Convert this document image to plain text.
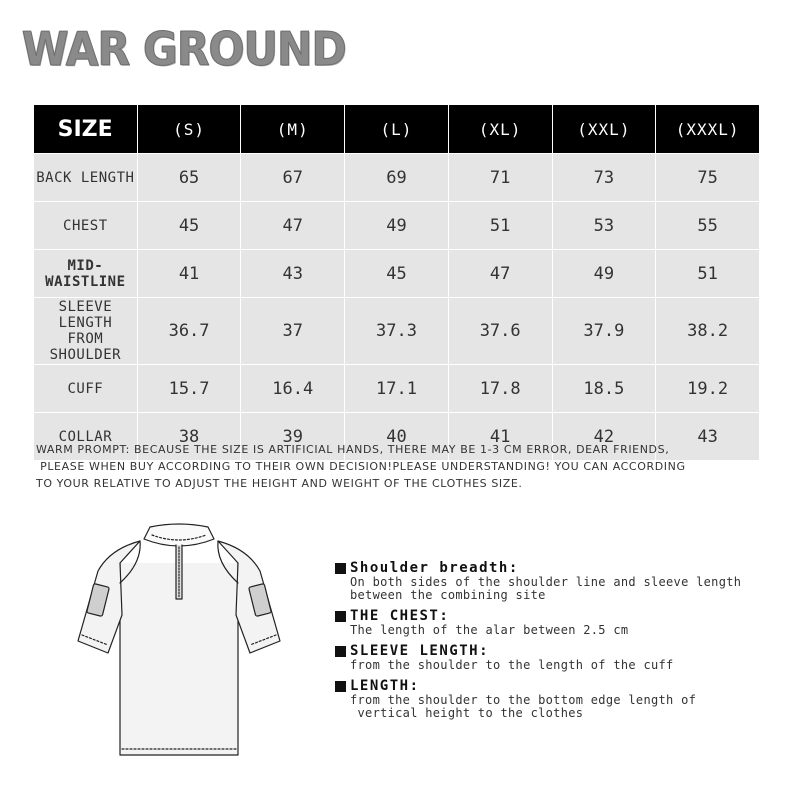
WAR GROUND
SIZE	(S)	(M)	(L)	(XL)	(XXL)	(XXXL)

BACK LENGTH	65	67	69	71	73	75

CHEST	45	47	49	51	53	55

MID-WAISTLINE	41	43	45	47	49	51

SLEEVE LENGTH
FROM SHOULDER	36.7	37	37.3	37.6	37.9	38.2

CUFF	15.7	16.4	17.1	17.8	18.5	19.2

COLLAR	38	39	40	41	42	43
WARM PROMPT: BECAUSE THE SIZE IS ARTIFICIAL HANDS, THERE MAY BE 1-3 CM ERROR, DEAR FRIENDS,
PLEASE WHEN BUY ACCORDING TO THEIR OWN DECISION!PLEASE UNDERSTANDING! YOU CAN ACCORDING
TO YOUR RELATIVE TO ADJUST THE HEIGHT AND WEIGHT OF THE CLOTHES SIZE.
Shoulder breadth:
On both sides of the shoulder line and sleeve length
between the combining site
THE CHEST:
The length of the alar between 2.5 cm
SLEEVE LENGTH:
from the shoulder to the length of the cuff
LENGTH:
from the shoulder to the bottom edge length of
vertical height to the clothes
